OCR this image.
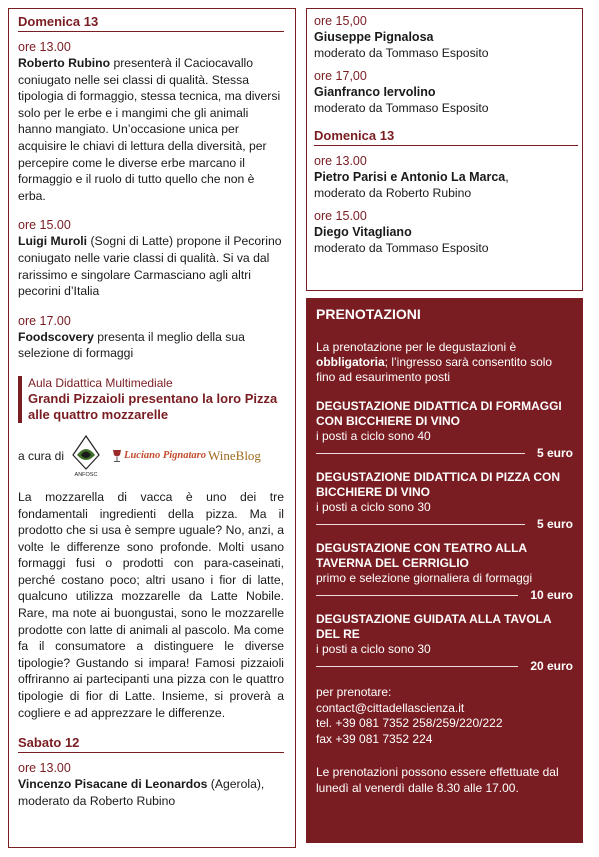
Domenica 13
ore 13.00
Roberto Rubino presenterà il Caciocavallo coniugato nelle sei classi di qualità. Stessa tipologia di formaggio, stessa tecnica, ma diversi solo per le erbe e i mangimi che gli animali hanno mangiato. Un’occasione unica per acquisire le chiavi di lettura della diversità, per percepire come le diverse erbe marcano il formaggio e il ruolo di tutto quello che non è erba.
ore 15.00
Luigi Muroli (Sogni di Latte) propone il Pecorino coniugato nelle varie classi di qualità. Si va dal rarissimo e singolare Carmasciano agli altri pecorini d’Italia
ore 17.00
Foodscovery presenta il meglio della sua selezione di formaggi
Aula Didattica Multimediale
Grandi Pizzaioli presentano la loro Pizza alle quattro mozzarelle
a cura di
ANFOSC
Luciano Pignataro WineBlog
La mozzarella di vacca è uno dei tre fondamentali ingredienti della pizza. Ma il prodotto che si usa è sempre uguale? No, anzi, a volte le differenze sono profonde. Molti usano formaggi fusi o prodotti con para-caseinati, perché costano poco; altri usano i fior di latte, qualcuno utilizza mozzarelle da Latte Nobile. Rare, ma note ai buongustai, sono le mozzarelle prodotte con latte di animali al pascolo. Ma come fa il consumatore a distinguere le diverse tipologie? Gustando si impara! Famosi pizzaioli offriranno ai partecipanti una pizza con le quattro tipologie di fior di Latte. Insieme, si proverà a cogliere e ad apprezzare le differenze.
Sabato 12
ore 13.00
Vincenzo Pisacane di Leonardos (Agerola), moderato da Roberto Rubino
ore 15,00
Giuseppe Pignalosa
moderato da Tommaso Esposito
ore 17,00
Gianfranco Iervolino
moderato da Tommaso Esposito
Domenica 13
ore 13.00
Pietro Parisi e Antonio La Marca,
moderato da Roberto Rubino
ore 15.00
Diego Vitagliano
moderato da Tommaso Esposito
PRENOTAZIONI
La prenotazione per le degustazioni è obbligatoria; l’ingresso sarà consentito solo fino ad esaurimento posti
DEGUSTAZIONE DIDATTICA DI FORMAGGI CON BICCHIERE DI VINO
i posti a ciclo sono 40
5 euro
DEGUSTAZIONE DIDATTICA DI PIZZA CON BICCHIERE DI VINO
i posti a ciclo sono 30
5 euro
DEGUSTAZIONE CON TEATRO ALLA TAVERNA DEL CERRIGLIO
primo e selezione giornaliera di formaggi
10 euro
DEGUSTAZIONE GUIDATA ALLA TAVOLA DEL RE
i posti a ciclo sono 30
20 euro
per prenotare:
contact@cittadellascienza.it
tel. +39 081 7352 258/259/220/222
fax +39 081 7352 224
Le prenotazioni possono essere effettuate dal lunedì al venerdì dalle 8.30 alle 17.00.
